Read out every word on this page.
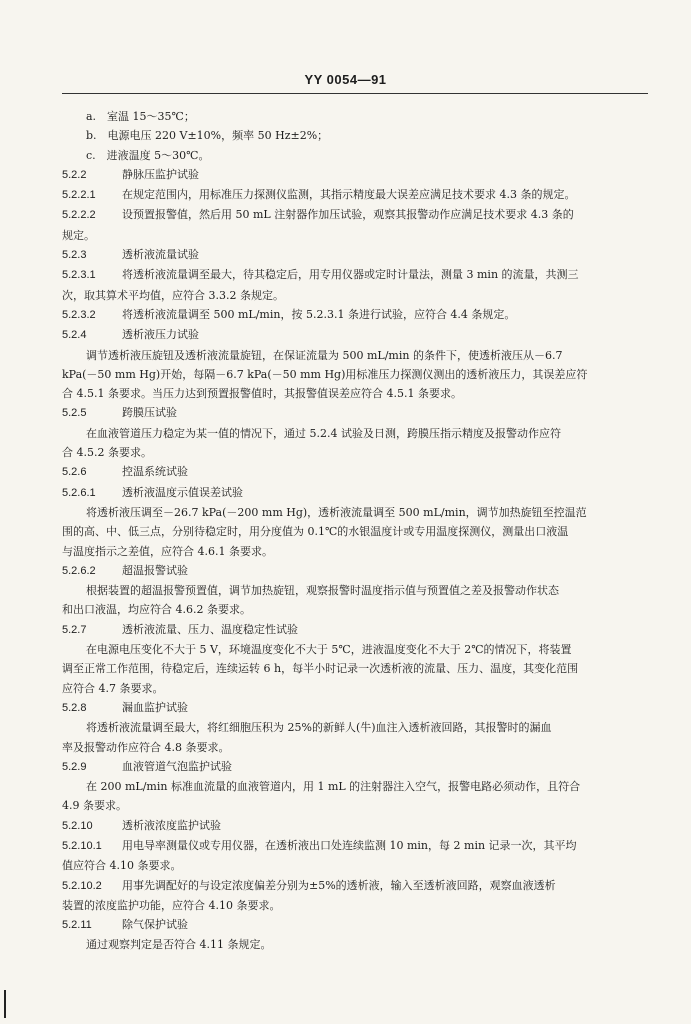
YY 0054—91
a.　室温 15～35℃；
b.　电源电压 220 V±10%，频率 50 Hz±2%；
c.　进液温度 5～30℃。
5.2.2	静脉压监护试验
5.2.2.1 在规定范围内，用标准压力探测仪监测，其指示精度最大误差应满足技术要求 4.3 条的规定。
5.2.2.2 设预置报警值，然后用 50 mL 注射器作加压试验，观察其报警动作应满足技术要求 4.3 条的
规定。
5.2.3	透析液流量试验
5.2.3.1 将透析液流量调至最大，待其稳定后，用专用仪器或定时计量法，测量 3 min 的流量，共测三
次，取其算术平均值，应符合 3.3.2 条规定。
5.2.3.2 将透析液流量调至 500 mL/min，按 5.2.3.1 条进行试验，应符合 4.4 条规定。
5.2.4	透析液压力试验
调节透析液压旋钮及透析液流量旋钮，在保证流量为 500 mL/min 的条件下，使透析液压从－6.7
kPa(－50 mm Hg)开始，每隔－6.7 kPa(－50 mm Hg)用标准压力探测仪测出的透析液压力，其误差应符
合 4.5.1 条要求。当压力达到预置报警值时，其报警值误差应符合 4.5.1 条要求。
5.2.5	跨膜压试验
在血液管道压力稳定为某一值的情况下，通过 5.2.4 试验及日测，跨膜压指示精度及报警动作应符
合 4.5.2 条要求。
5.2.6	控温系统试验
5.2.6.1 透析液温度示值误差试验
将透析液压调至－26.7 kPa(－200 mm Hg)，透析液流量调至 500 mL/min，调节加热旋钮至控温范
围的高、中、低三点，分别待稳定时，用分度值为 0.1℃的水银温度计或专用温度探测仪，测量出口液温
与温度指示之差值，应符合 4.6.1 条要求。
5.2.6.2 超温报警试验
根据装置的超温报警预置值，调节加热旋钮，观察报警时温度指示值与预置值之差及报警动作状态
和出口液温，均应符合 4.6.2 条要求。
5.2.7	透析液流量、压力、温度稳定性试验
在电源电压变化不大于 5 V，环境温度变化不大于 5℃，进液温度变化不大于 2℃的情况下，将装置
调至正常工作范围，待稳定后，连续运转 6 h，每半小时记录一次透析液的流量、压力、温度，其变化范围
应符合 4.7 条要求。
5.2.8	漏血监护试验
将透析液流量调至最大，将红细胞压积为 25%的新鲜人(牛)血注入透析液回路，其报警时的漏血
率及报警动作应符合 4.8 条要求。
5.2.9	血液管道气泡监护试验
在 200 mL/min 标准血流量的血液管道内，用 1 mL 的注射器注入空气，报警电路必须动作，且符合
4.9 条要求。
5.2.10	透析液浓度监护试验
5.2.10.1 用电导率测量仪或专用仪器，在透析液出口处连续监测 10 min，每 2 min 记录一次，其平均
值应符合 4.10 条要求。
5.2.10.2 用事先调配好的与设定浓度偏差分别为±5%的透析液，输入至透析液回路，观察血液透析
装置的浓度监护功能，应符合 4.10 条要求。
5.2.11	除气保护试验
通过观察判定是否符合 4.11 条规定。
